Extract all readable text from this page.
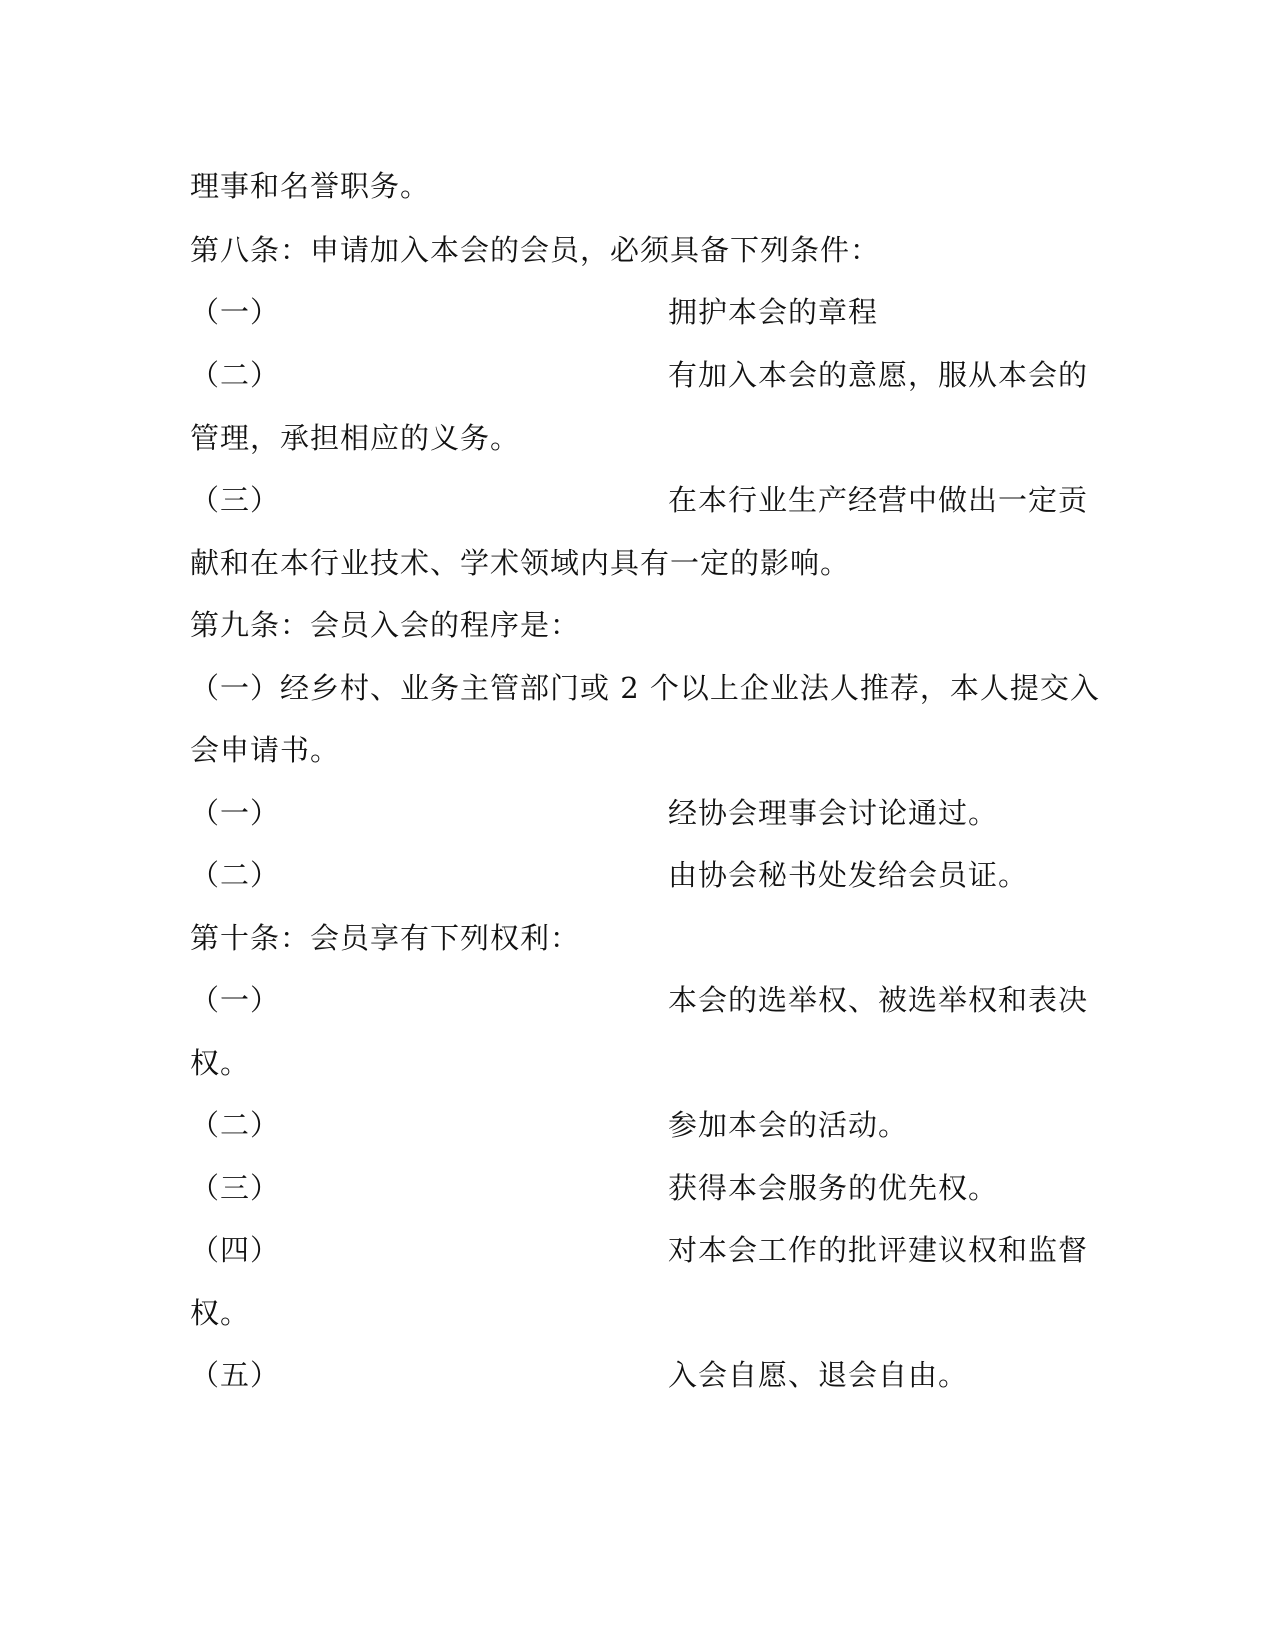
理事和名誉职务。
第八条：申请加入本会的会员，必须具备下列条件：
（一）	拥护本会的章程
（二）	有加入本会的意愿，服从本会的
管理，承担相应的义务。
（三）	在本行业生产经营中做出一定贡
献和在本行业技术、学术领域内具有一定的影响。
第九条：会员入会的程序是：
（一）经乡村、业务主管部门或 2 个以上企业法人推荐，本人提交入
会申请书。
（一）	经协会理事会讨论通过。
（二）	由协会秘书处发给会员证。
第十条：会员享有下列权利：
（一）	本会的选举权、被选举权和表决
权。
（二）	参加本会的活动。
（三）	获得本会服务的优先权。
（四）	对本会工作的批评建议权和监督
权。
（五）	入会自愿、退会自由。
